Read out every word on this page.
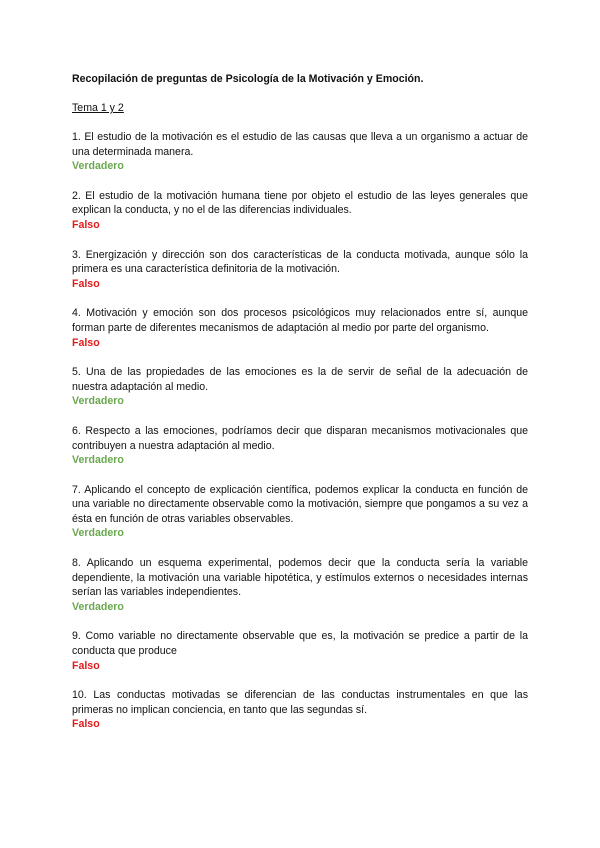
Recopilación de preguntas de Psicología de la Motivación y Emoción.
Tema 1 y 2

1. El estudio de la motivación es el estudio de las causas que lleva a un organismo a actuar de una determinada manera.

Verdadero

2. El estudio de la motivación humana tiene por objeto el estudio de las leyes generales que explican la conducta, y no el de las diferencias individuales.

Falso

3. Energización y dirección son dos características de la conducta motivada, aunque sólo la primera es una característica definitoria de la motivación.

Falso

4. Motivación y emoción son dos procesos psicológicos muy relacionados entre sí, aunque forman parte de diferentes mecanismos de adaptación al medio por parte del organismo.

Falso

5. Una de las propiedades de las emociones es la de servir de señal de la adecuación de nuestra adaptación al medio.

Verdadero

6. Respecto a las emociones, podríamos decir que disparan mecanismos motivacionales que contribuyen a nuestra adaptación al medio.

Verdadero

7. Aplicando el concepto de explicación científica, podemos explicar la conducta en función de una variable no directamente observable como la motivación, siempre que pongamos a su vez a ésta en función de otras variables observables.

Verdadero

8. Aplicando un esquema experimental, podemos decir que la conducta sería la variable dependiente, la motivación una variable hipotética, y estímulos externos o necesidades internas serían las variables independientes.

Verdadero

9. Como variable no directamente observable que es, la motivación se predice a partir de la conducta que produce

Falso

10. Las conductas motivadas se diferencian de las conductas instrumentales en que las primeras no implican conciencia, en tanto que las segundas sí.

Falso
